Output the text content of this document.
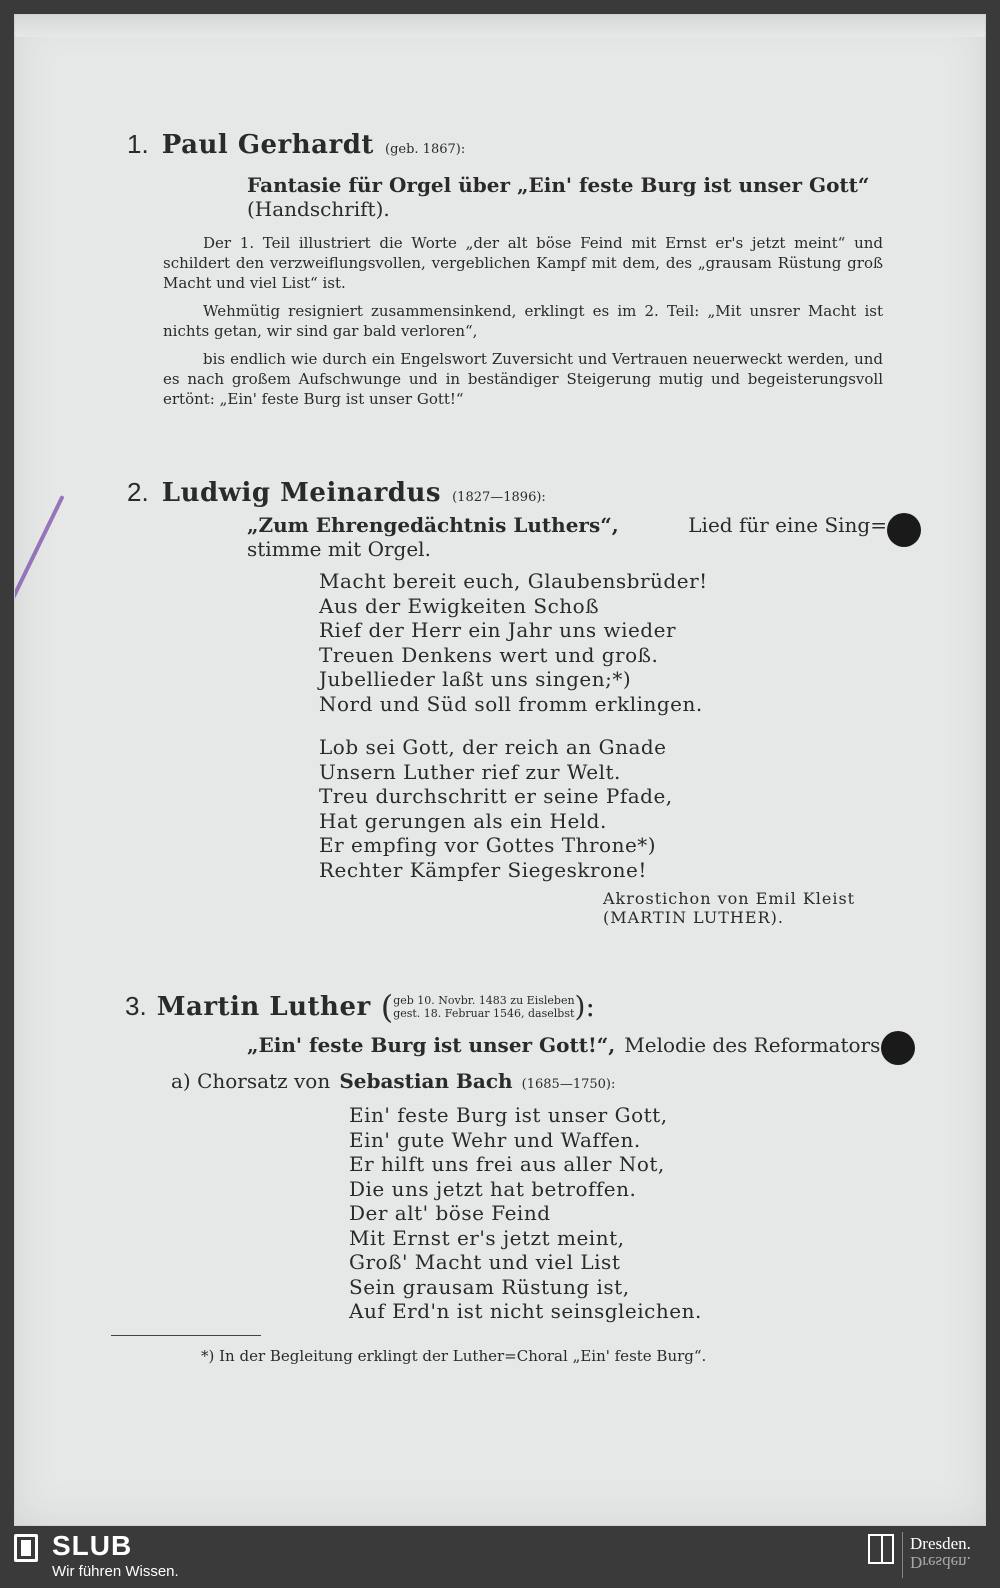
1. Paul Gerhardt (geb. 1867):
Fantasie für Orgel über „Ein' feste Burg ist unser Gott“
(Handschrift).
Der 1. Teil illustriert die Worte „der alt böse Feind mit Ernst er's jetzt meint“ und schildert den verzweiflungsvollen, vergeblichen Kampf mit dem, des „grausam Rüstung groß Macht und viel List“ ist.
Wehmütig resigniert zusammensinkend, erklingt es im 2. Teil: „Mit unsrer Macht ist nichts getan, wir sind gar bald verloren“,
bis endlich wie durch ein Engelswort Zuversicht und Vertrauen neuerweckt werden, und es nach großem Aufschwunge und in beständiger Steigerung mutig und begeisterungsvoll ertönt: „Ein' feste Burg ist unser Gott!“
2. Ludwig Meinardus (1827—1896):
„Zum Ehrengedächtnis Luthers“,	Lied für eine Sing=
stimme mit Orgel.
Macht bereit euch, Glaubensbrüder!
Aus der Ewigkeiten Schoß
Rief der Herr ein Jahr uns wieder
Treuen Denkens wert und groß.
Jubellieder laßt uns singen;*)
Nord und Süd soll fromm erklingen.
Lob sei Gott, der reich an Gnade
Unsern Luther rief zur Welt.
Treu durchschritt er seine Pfade,
Hat gerungen als ein Held.
Er empfing vor Gottes Throne*)
Rechter Kämpfer Siegeskrone!
Akrostichon von Emil Kleist
(MARTIN LUTHER).
3. Martin Luther ( geb 10. Novbr. 1483 zu Eisleben
gest. 18. Februar 1546, daselbst ):
„Ein' feste Burg ist unser Gott!“, Melodie des Reformators
a) Chorsatz von Sebastian Bach (1685—1750):
Ein' feste Burg ist unser Gott,
Ein' gute Wehr und Waffen.
Er hilft uns frei aus aller Not,
Die uns jetzt hat betroffen.
Der alt' böse Feind
Mit Ernst er's jetzt meint,
Groß' Macht und viel List
Sein grausam Rüstung ist,
Auf Erd'n ist nicht seinsgleichen.
*) In der Begleitung erklingt der Luther=Choral „Ein' feste Burg“.
SLUB
Wir führen Wissen.
Dresden.
Dresden.
